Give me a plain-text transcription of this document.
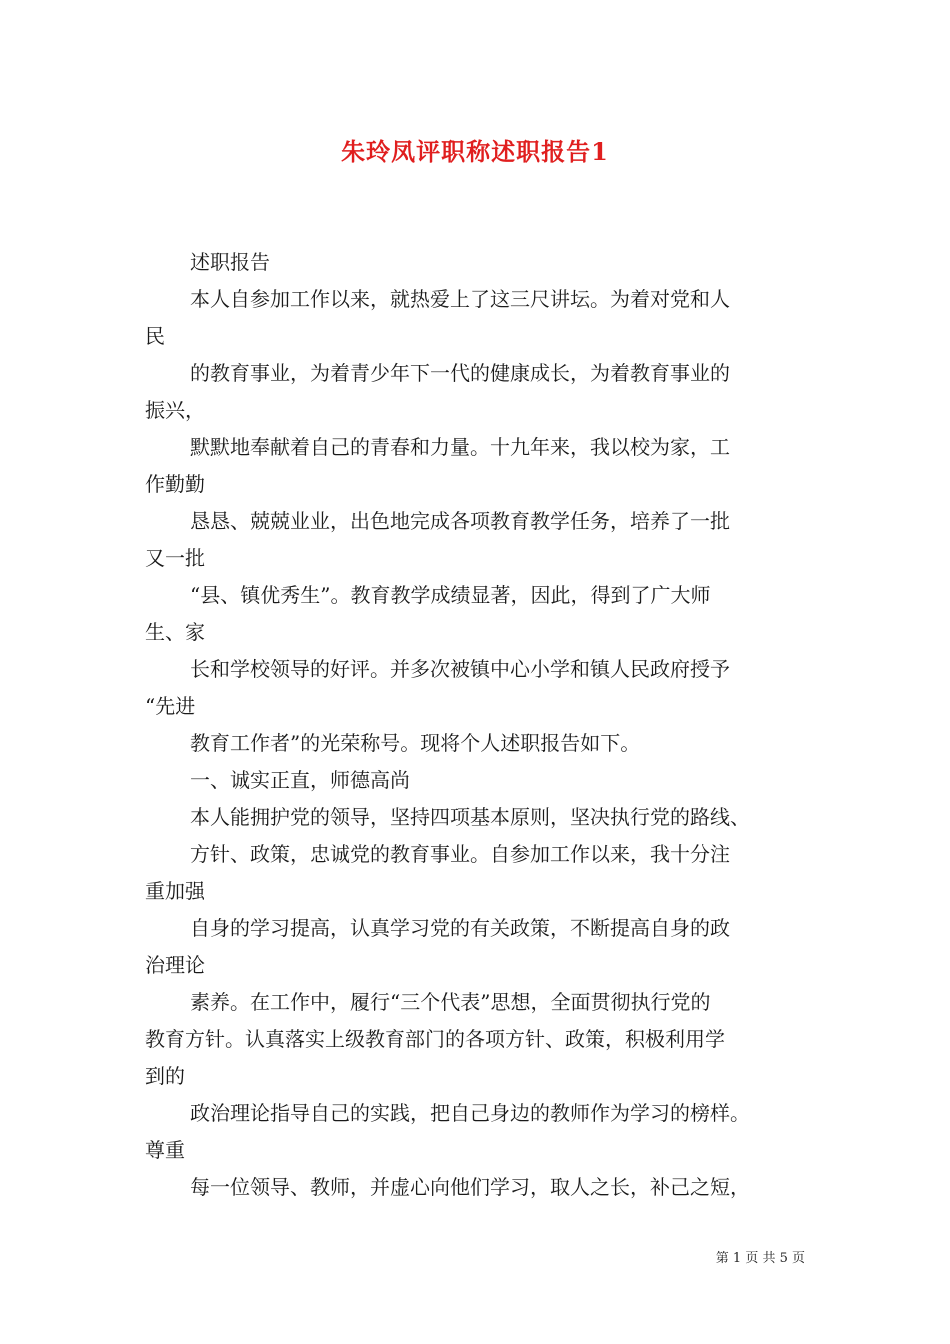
朱玲凤评职称述职报告1
述职报告
本人自参加工作以来，就热爱上了这三尺讲坛。为着对党和人
民
的教育事业，为着青少年下一代的健康成长，为着教育事业的
振兴，
默默地奉献着自己的青春和力量。十九年来，我以校为家，工
作勤勤
恳恳、兢兢业业，出色地完成各项教育教学任务，培养了一批
又一批
“县、镇优秀生”。教育教学成绩显著，因此，得到了广大师
生、家
长和学校领导的好评。并多次被镇中心小学和镇人民政府授予
“先进
教育工作者”的光荣称号。现将个人述职报告如下。
一、诚实正直，师德高尚
本人能拥护党的领导，坚持四项基本原则，坚决执行党的路线、
方针、政策，忠诚党的教育事业。自参加工作以来，我十分注
重加强
自身的学习提高，认真学习党的有关政策，不断提高自身的政
治理论
素养。在工作中，履行“三个代表”思想，全面贯彻执行党的
教育方针。认真落实上级教育部门的各项方针、政策，积极利用学
到的
政治理论指导自己的实践，把自己身边的教师作为学习的榜样。
尊重
每一位领导、教师，并虚心向他们学习，取人之长，补己之短，
第 1 页 共 5 页
